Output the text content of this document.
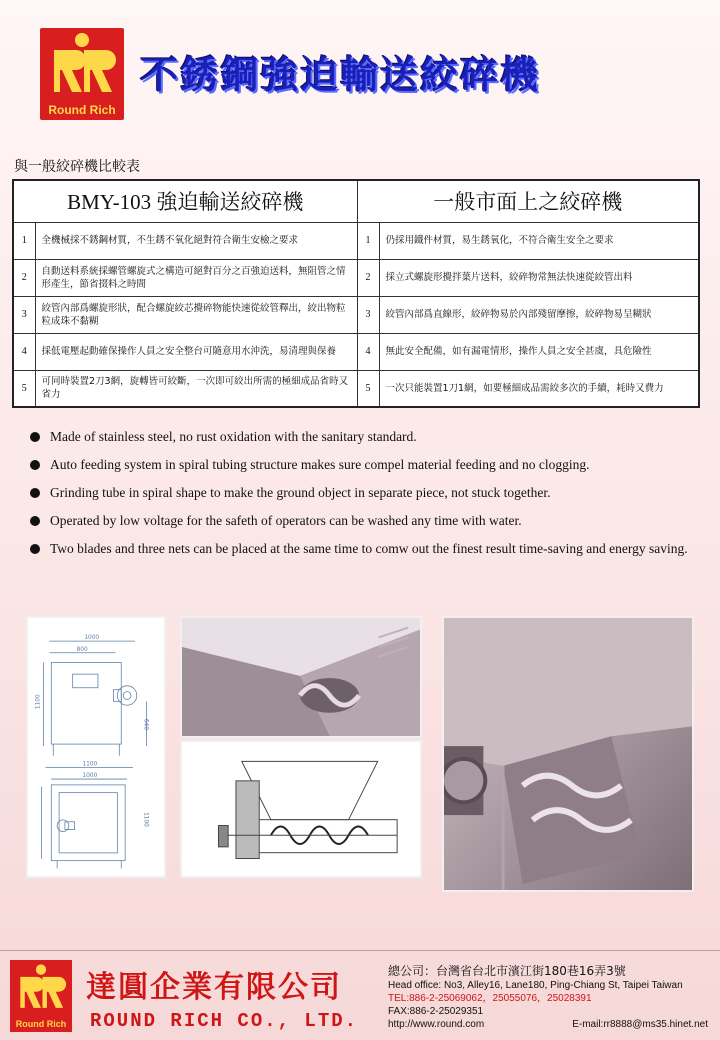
Round Rich
不銹鋼強迫輸送絞碎機
與一般絞碎機比較表
BMY-103 強迫輸送絞碎機		一般市面上之絞碎機	
1	全機械採不銹鋼材質，不生銹不氧化絕對符合衛生安檢之要求	1	仍採用鐵件材質，易生銹氧化，不符合衛生安全之要求
2	自動送料系統採螺管螺旋式之構造可絕對百分之百強迫送料，無阻管之情形產生，節省掇料之時間	2	採立式螺旋形攪拌葉片送料，絞碎物常無法快速從絞管出料
3	絞管內部爲螺旋形狀，配合螺旋絞芯攪碎物能快速從絞管釋出，絞出物粒粒成珠不黏糊	3	絞管內部爲直線形，絞碎物易於內部殘留摩擦，絞碎物易呈糊狀
4	採低電壓起動確保操作人員之安全整台可隨意用水沖洗，易清理與保養	4	無此安全配備，如有漏電情形，操作人員之安全甚虞，具危險性
5	可同時裝置2刀3網，旋轉皆可絞斷，一次即可絞出所需的極細成品省時又省力	5	一次只能裝置1刀1網，如要極細成品需絞多次的手續，耗時又費力
Made of stainless steel, no rust oxidation with the sanitary standard.
Auto feeding system in spiral tubing structure makes sure compel material feeding and no clogging.
Grinding tube in spiral shape to make the ground object in separate piece, not stuck together.
Operated by low voltage for the safeth of operators can be washed any time with water.
Two blades and three nets can be placed at the same time to comw out the finest result time-saving and energy saving.
1000
800
1100
640
1100
1000
1100
Round Rich
達圓企業有限公司
ROUND RICH CO., LTD.
總公司：台灣省台北市濱江街180巷16弄3號
Head office: No3, Alley16, Lane180, Ping-Chiang St, Taipei Taiwan
TEL:886-2-25069062，25055076，25028391
FAX:886-2-25029351
http://www.round.com	E-mail:rr8888@ms35.hinet.net
